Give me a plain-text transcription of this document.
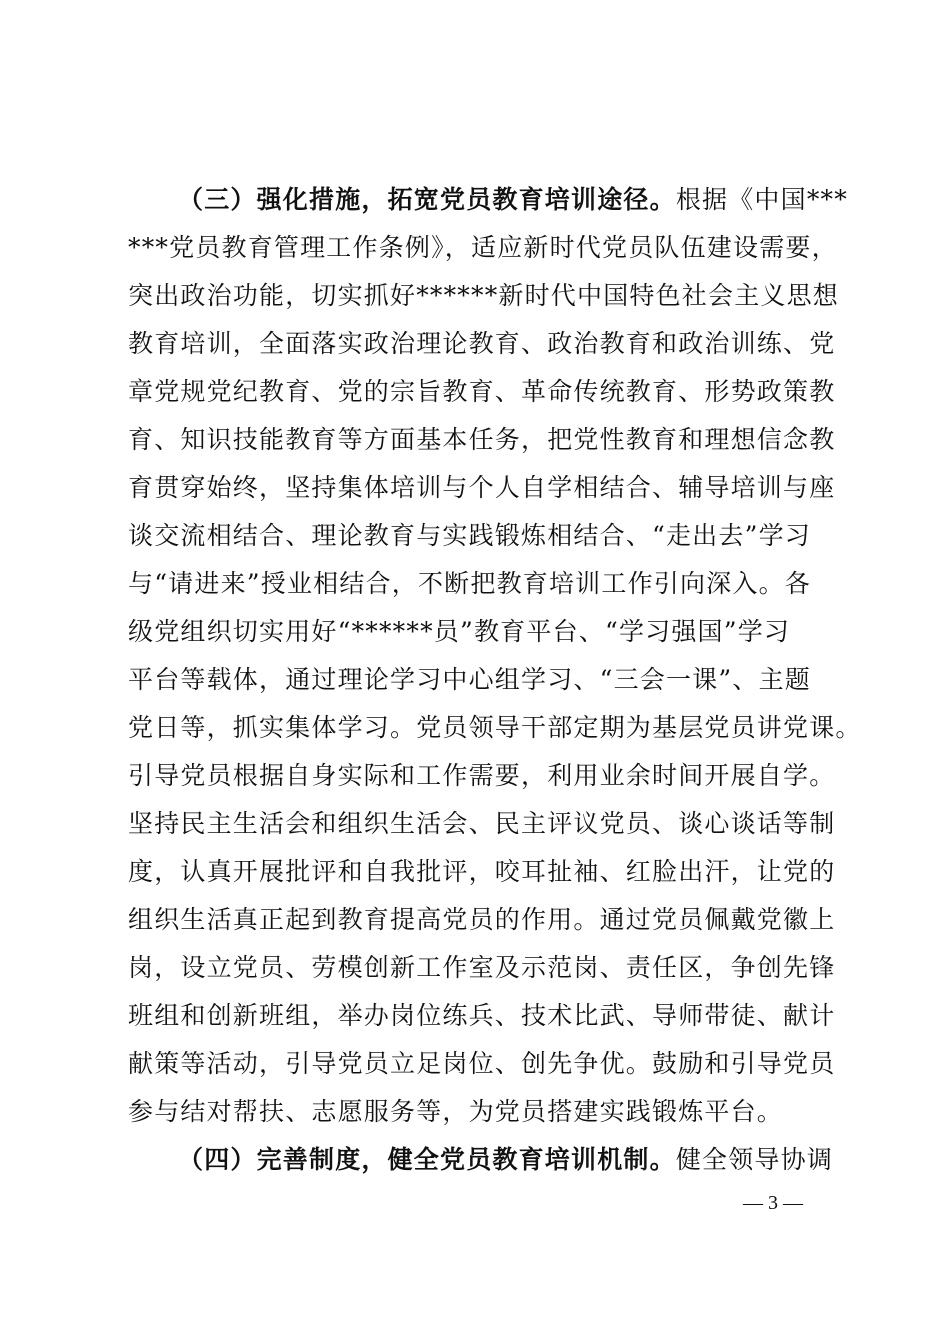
（三）强化措施，拓宽党员教育培训途径。根据《中国***
***党员教育管理工作条例》，适应新时代党员队伍建设需要，
突出政治功能，切实抓好******新时代中国特色社会主义思想
教育培训，全面落实政治理论教育、政治教育和政治训练、党
章党规党纪教育、党的宗旨教育、革命传统教育、形势政策教
育、知识技能教育等方面基本任务，把党性教育和理想信念教
育贯穿始终，坚持集体培训与个人自学相结合、辅导培训与座
谈交流相结合、理论教育与实践锻炼相结合、“走出去”学习
与“请进来”授业相结合，不断把教育培训工作引向深入。各
级党组织切实用好“******员”教育平台、“学习强国”学习
平台等载体，通过理论学习中心组学习、“三会一课”、主题
党日等，抓实集体学习。党员领导干部定期为基层党员讲党课。
引导党员根据自身实际和工作需要，利用业余时间开展自学。
坚持民主生活会和组织生活会、民主评议党员、谈心谈话等制
度，认真开展批评和自我批评，咬耳扯袖、红脸出汗，让党的
组织生活真正起到教育提高党员的作用。通过党员佩戴党徽上
岗，设立党员、劳模创新工作室及示范岗、责任区，争创先锋
班组和创新班组，举办岗位练兵、技术比武、导师带徒、献计
献策等活动，引导党员立足岗位、创先争优。鼓励和引导党员
参与结对帮扶、志愿服务等，为党员搭建实践锻炼平台。
（四）完善制度，健全党员教育培训机制。健全领导协调
— 3 —
